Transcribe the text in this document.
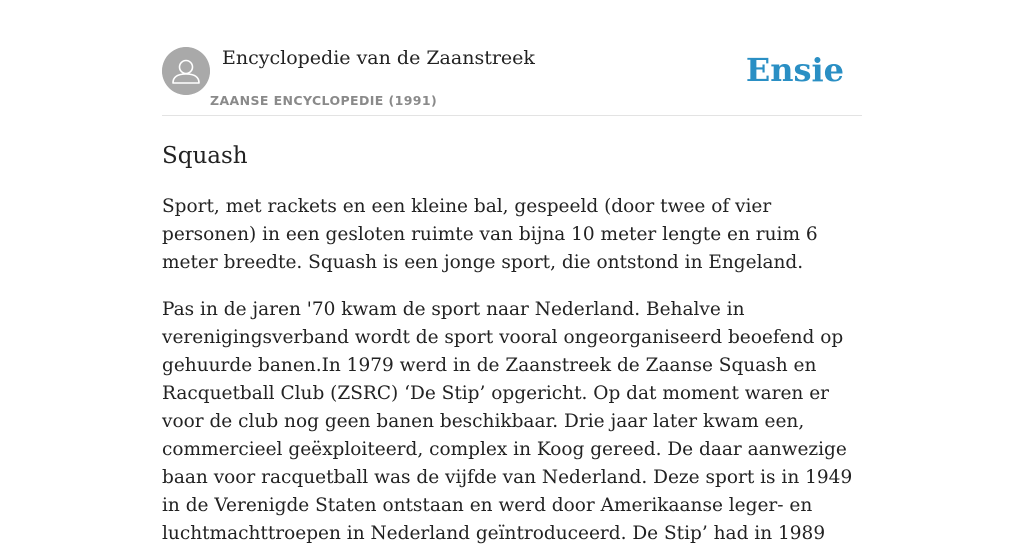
Encyclopedie van de Zaanstreek
ZAANSE ENCYCLOPEDIE (1991)
Ensie
Squash

Sport, met rackets en een kleine bal, gespeeld (door twee of vier personen) in een gesloten ruimte van bijna 10 meter lengte en ruim 6 meter breedte. Squash is een jonge sport, die ontstond in Engeland.

Pas in de jaren '70 kwam de sport naar Nederland. Behalve in verenigingsverband wordt de sport vooral ongeorganiseerd beoefend op gehuurde banen.In 1979 werd in de Zaanstreek de Zaanse Squash en Racquetball Club (ZSRC) ‘De Stip’ opgericht. Op dat moment waren er voor de club nog geen banen beschikbaar. Drie jaar later kwam een, commercieel geëxploiteerd, complex in Koog gereed. De daar aanwezige baan voor racquetball was de vijfde van Nederland. Deze sport is in 1949 in de Verenigde Staten ontstaan en werd door Amerikaanse leger- en luchtmachttroepen in Nederland geïntroduceerd. De Stip’ had in 1989
